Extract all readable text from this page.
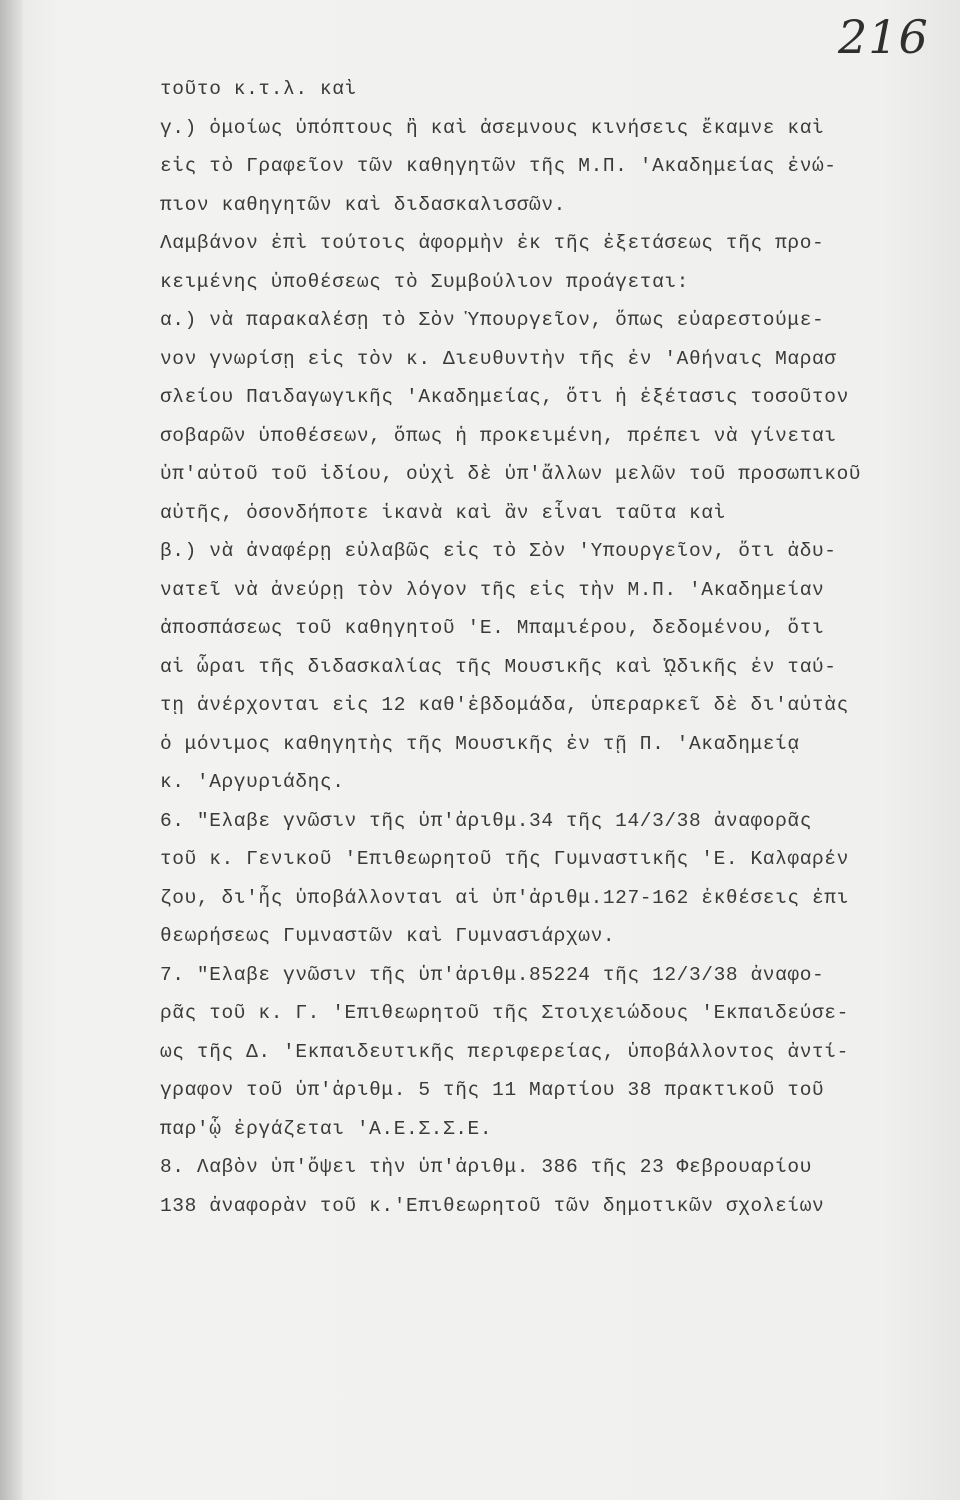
216
τοῦτο κ.τ.λ. καὶ
γ.) ὁμοίως ὑπόπτους ἢ καὶ ἀσεμνους κινήσεις ἔκαμνε καὶ
εἰς τὸ Γραφεῖον τῶν καθηγητῶν τῆς Μ.Π. 'Ακαδημείας ἐνώ-
πιον καθηγητῶν καὶ διδασκαλισσῶν.
Λαμβάνον ἐπὶ τούτοις ἀφορμὴν ἐκ τῆς ἐξετάσεως τῆς προ-
κειμένης ὑποθέσεως τὸ Συμβούλιον προάγεται:
α.) νὰ παρακαλέσῃ τὸ Σὸν Ὑπουργεῖον, ὅπως εὐαρεστούμε-
νον γνωρίσῃ εἰς τὸν κ. Διευθυντὴν τῆς ἐν 'Αθήναις Μαρασ
σλείου Παιδαγωγικῆς 'Ακαδημείας, ὅτι ἡ ἐξέτασις τοσοῦτον
σοβαρῶν ὑποθέσεων, ὅπως ἡ προκειμένη, πρέπει νὰ γίνεται
ὑπ'αὐτοῦ τοῦ ἰδίου, οὐχὶ δὲ ὑπ'ἄλλων μελῶν τοῦ προσωπικοῦ
αὐτῆς, ὁσονδήποτε ἱκανὰ καὶ ἂν εἶναι ταῦτα καὶ
β.) νὰ ἀναφέρῃ εὐλαβῶς εἰς τὸ Σὸν 'Υπουργεῖον, ὅτι ἀδυ-
νατεῖ νὰ ἀνεύρῃ τὸν λόγον τῆς εἰς τὴν Μ.Π. 'Ακαδημείαν
ἀποσπάσεως τοῦ καθηγητοῦ 'Ε. Μπαμιέρου, δεδομένου, ὅτι
αἱ ὧραι τῆς διδασκαλίας τῆς Μουσικῆς καὶ ᾨδικῆς ἐν ταύ-
τῃ ἀνέρχονται εἰς 12 καθ'ἑβδομάδα, ὑπεραρκεῖ δὲ δι'αὐτὰς
ὁ μόνιμος καθηγητὴς τῆς Μουσικῆς ἐν τῇ Π. 'Ακαδημείᾳ
κ. 'Αργυριάδης.
6. "Ελαβε γνῶσιν τῆς ὑπ'ἀριθμ.34 τῆς 14/3/38 ἀναφορᾶς
τοῦ κ. Γενικοῦ 'Επιθεωρητοῦ τῆς Γυμναστικῆς 'Ε. Καλφαρέν
ζου, δι'ἧς ὑποβάλλονται αἱ ὑπ'ἀριθμ.127-162 ἐκθέσεις ἐπι
θεωρήσεως Γυμναστῶν καὶ Γυμνασιάρχων.
7. "Ελαβε γνῶσιν τῆς ὑπ'ἀριθμ.85224 τῆς 12/3/38 ἀναφο-
ρᾶς τοῦ κ. Γ. 'Επιθεωρητοῦ τῆς Στοιχειώδους 'Εκπαιδεύσε-
ως τῆς Δ. 'Εκπαιδευτικῆς περιφερείας, ὑποβάλλοντος ἀντί-
γραφον τοῦ ὑπ'ἀριθμ. 5 τῆς 11 Μαρτίου 38 πρακτικοῦ τοῦ
παρ'ᾧ ἐργάζεται 'Α.Ε.Σ.Σ.Ε.
8. Λαβὸν ὑπ'ὄψει τὴν ὑπ'ἀριθμ. 386 τῆς 23 Φεβρουαρίου
138 ἀναφορὰν τοῦ κ.'Επιθεωρητοῦ τῶν δημοτικῶν σχολείων
